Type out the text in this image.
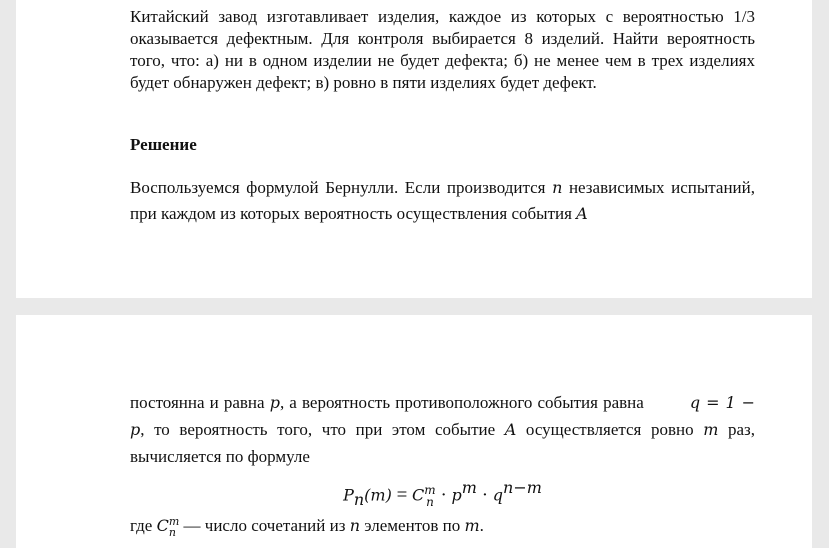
Китайский завод изготавливает изделия, каждое из которых с вероятностью 1/3 оказывается дефектным. Для контроля выбирается 8 изделий. Найти вероятность того, что: а) ни в одном изделии не будет дефекта; б) не менее чем в трех изделиях будет обнаружен дефект; в) ровно в пяти изделиях будет дефект.

Решение

Воспользуемся формулой Бернулли. Если производится n независимых испытаний, при каждом из которых вероятность осуществления события A

постоянна и равна p, а вероятность противоположного события равна	q = 1 − p, то вероятность того, что при этом событие A осуществляется ровно m раз, вычисляется по формуле

$P_n(m) = C$ m
$n \cdot p^m \cdot q^{n-m}$

где C m
n — число сочетаний из n элементов по m.
